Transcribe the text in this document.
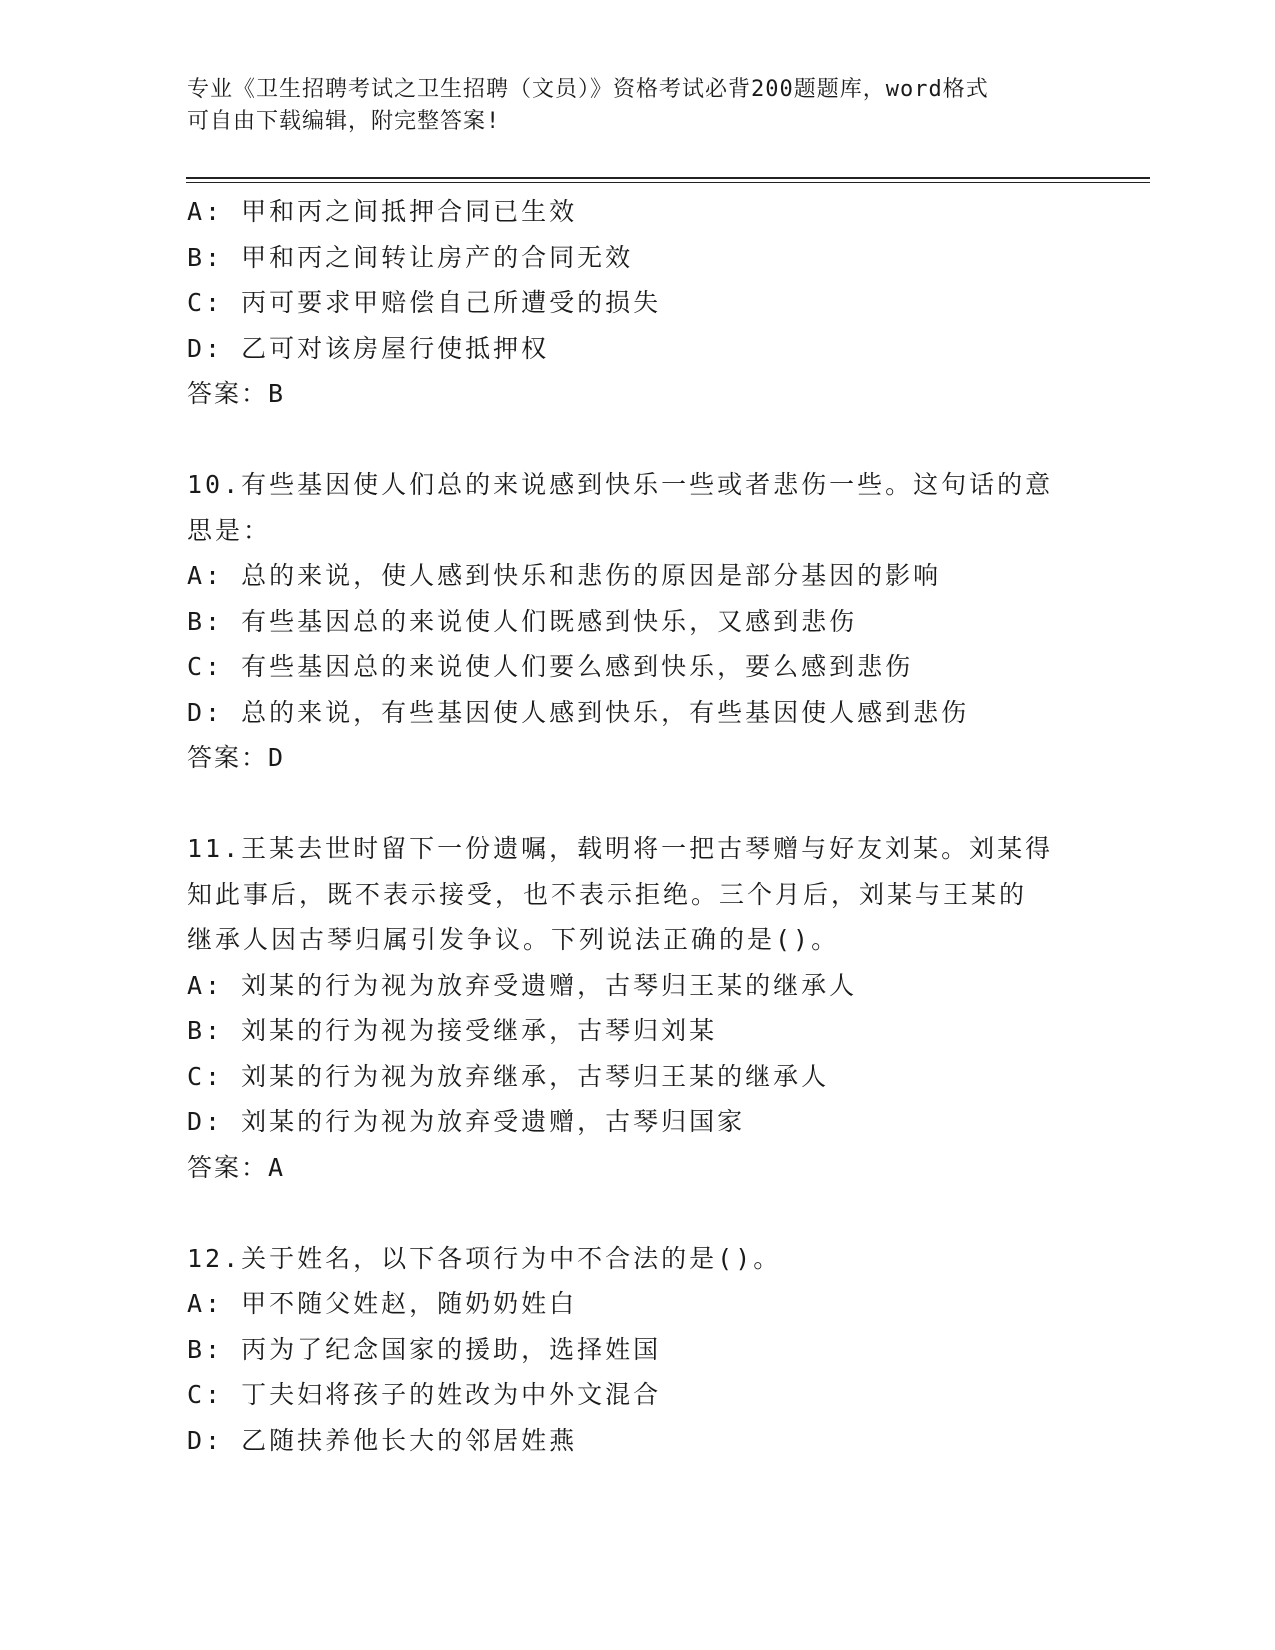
专业《卫生招聘考试之卫生招聘（文员）》资格考试必背200题题库，word格式
可自由下载编辑，附完整答案!
A: 甲和丙之间抵押合同已生效
B: 甲和丙之间转让房产的合同无效
C: 丙可要求甲赔偿自己所遭受的损失
D: 乙可对该房屋行使抵押权
答案：B
10.有些基因使人们总的来说感到快乐一些或者悲伤一些。这句话的意
思是：
A: 总的来说，使人感到快乐和悲伤的原因是部分基因的影响
B: 有些基因总的来说使人们既感到快乐，又感到悲伤
C: 有些基因总的来说使人们要么感到快乐，要么感到悲伤
D: 总的来说，有些基因使人感到快乐，有些基因使人感到悲伤
答案：D
11.王某去世时留下一份遗嘱，载明将一把古琴赠与好友刘某。刘某得
知此事后，既不表示接受，也不表示拒绝。三个月后，刘某与王某的
继承人因古琴归属引发争议。下列说法正确的是()。
A: 刘某的行为视为放弃受遗赠，古琴归王某的继承人
B: 刘某的行为视为接受继承，古琴归刘某
C: 刘某的行为视为放弃继承，古琴归王某的继承人
D: 刘某的行为视为放弃受遗赠，古琴归国家
答案：A
12.关于姓名，以下各项行为中不合法的是()。
A: 甲不随父姓赵，随奶奶姓白
B: 丙为了纪念国家的援助，选择姓国
C: 丁夫妇将孩子的姓改为中外文混合
D: 乙随扶养他长大的邻居姓燕
